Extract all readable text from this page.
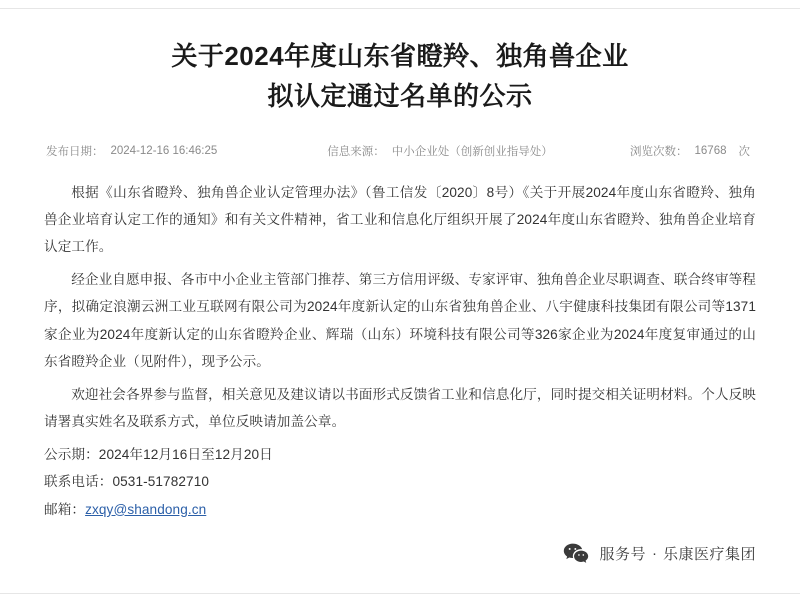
关于2024年度山东省瞪羚、独角兽企业
拟认定通过名单的公示
发布日期： 2024-12-16 16:46:25	信息来源： 中小企业处（创新创业指导处）	浏览次数： 16768 次

根据《山东省瞪羚、独角兽企业认定管理办法》（鲁工信发〔2020〕8号）《关于开展2024年度山东省瞪羚、独角兽企业培育认定工作的通知》和有关文件精神，省工业和信息化厅组织开展了2024年度山东省瞪羚、独角兽企业培育认定工作。

经企业自愿申报、各市中小企业主管部门推荐、第三方信用评级、专家评审、独角兽企业尽职调查、联合终审等程序，拟确定浪潮云洲工业互联网有限公司为2024年度新认定的山东省独角兽企业、八宇健康科技集团有限公司等1371家企业为2024年度新认定的山东省瞪羚企业、辉瑞（山东）环境科技有限公司等326家企业为2024年度复审通过的山东省瞪羚企业（见附件），现予公示。

欢迎社会各界参与监督，相关意见及建议请以书面形式反馈省工业和信息化厅，同时提交相关证明材料。个人反映请署真实姓名及联系方式，单位反映请加盖公章。

公示期：2024年12月16日至12月20日

联系电话：0531-51782710

邮箱：zxqy@shandong.cn

服务号 · 乐康医疗集团
